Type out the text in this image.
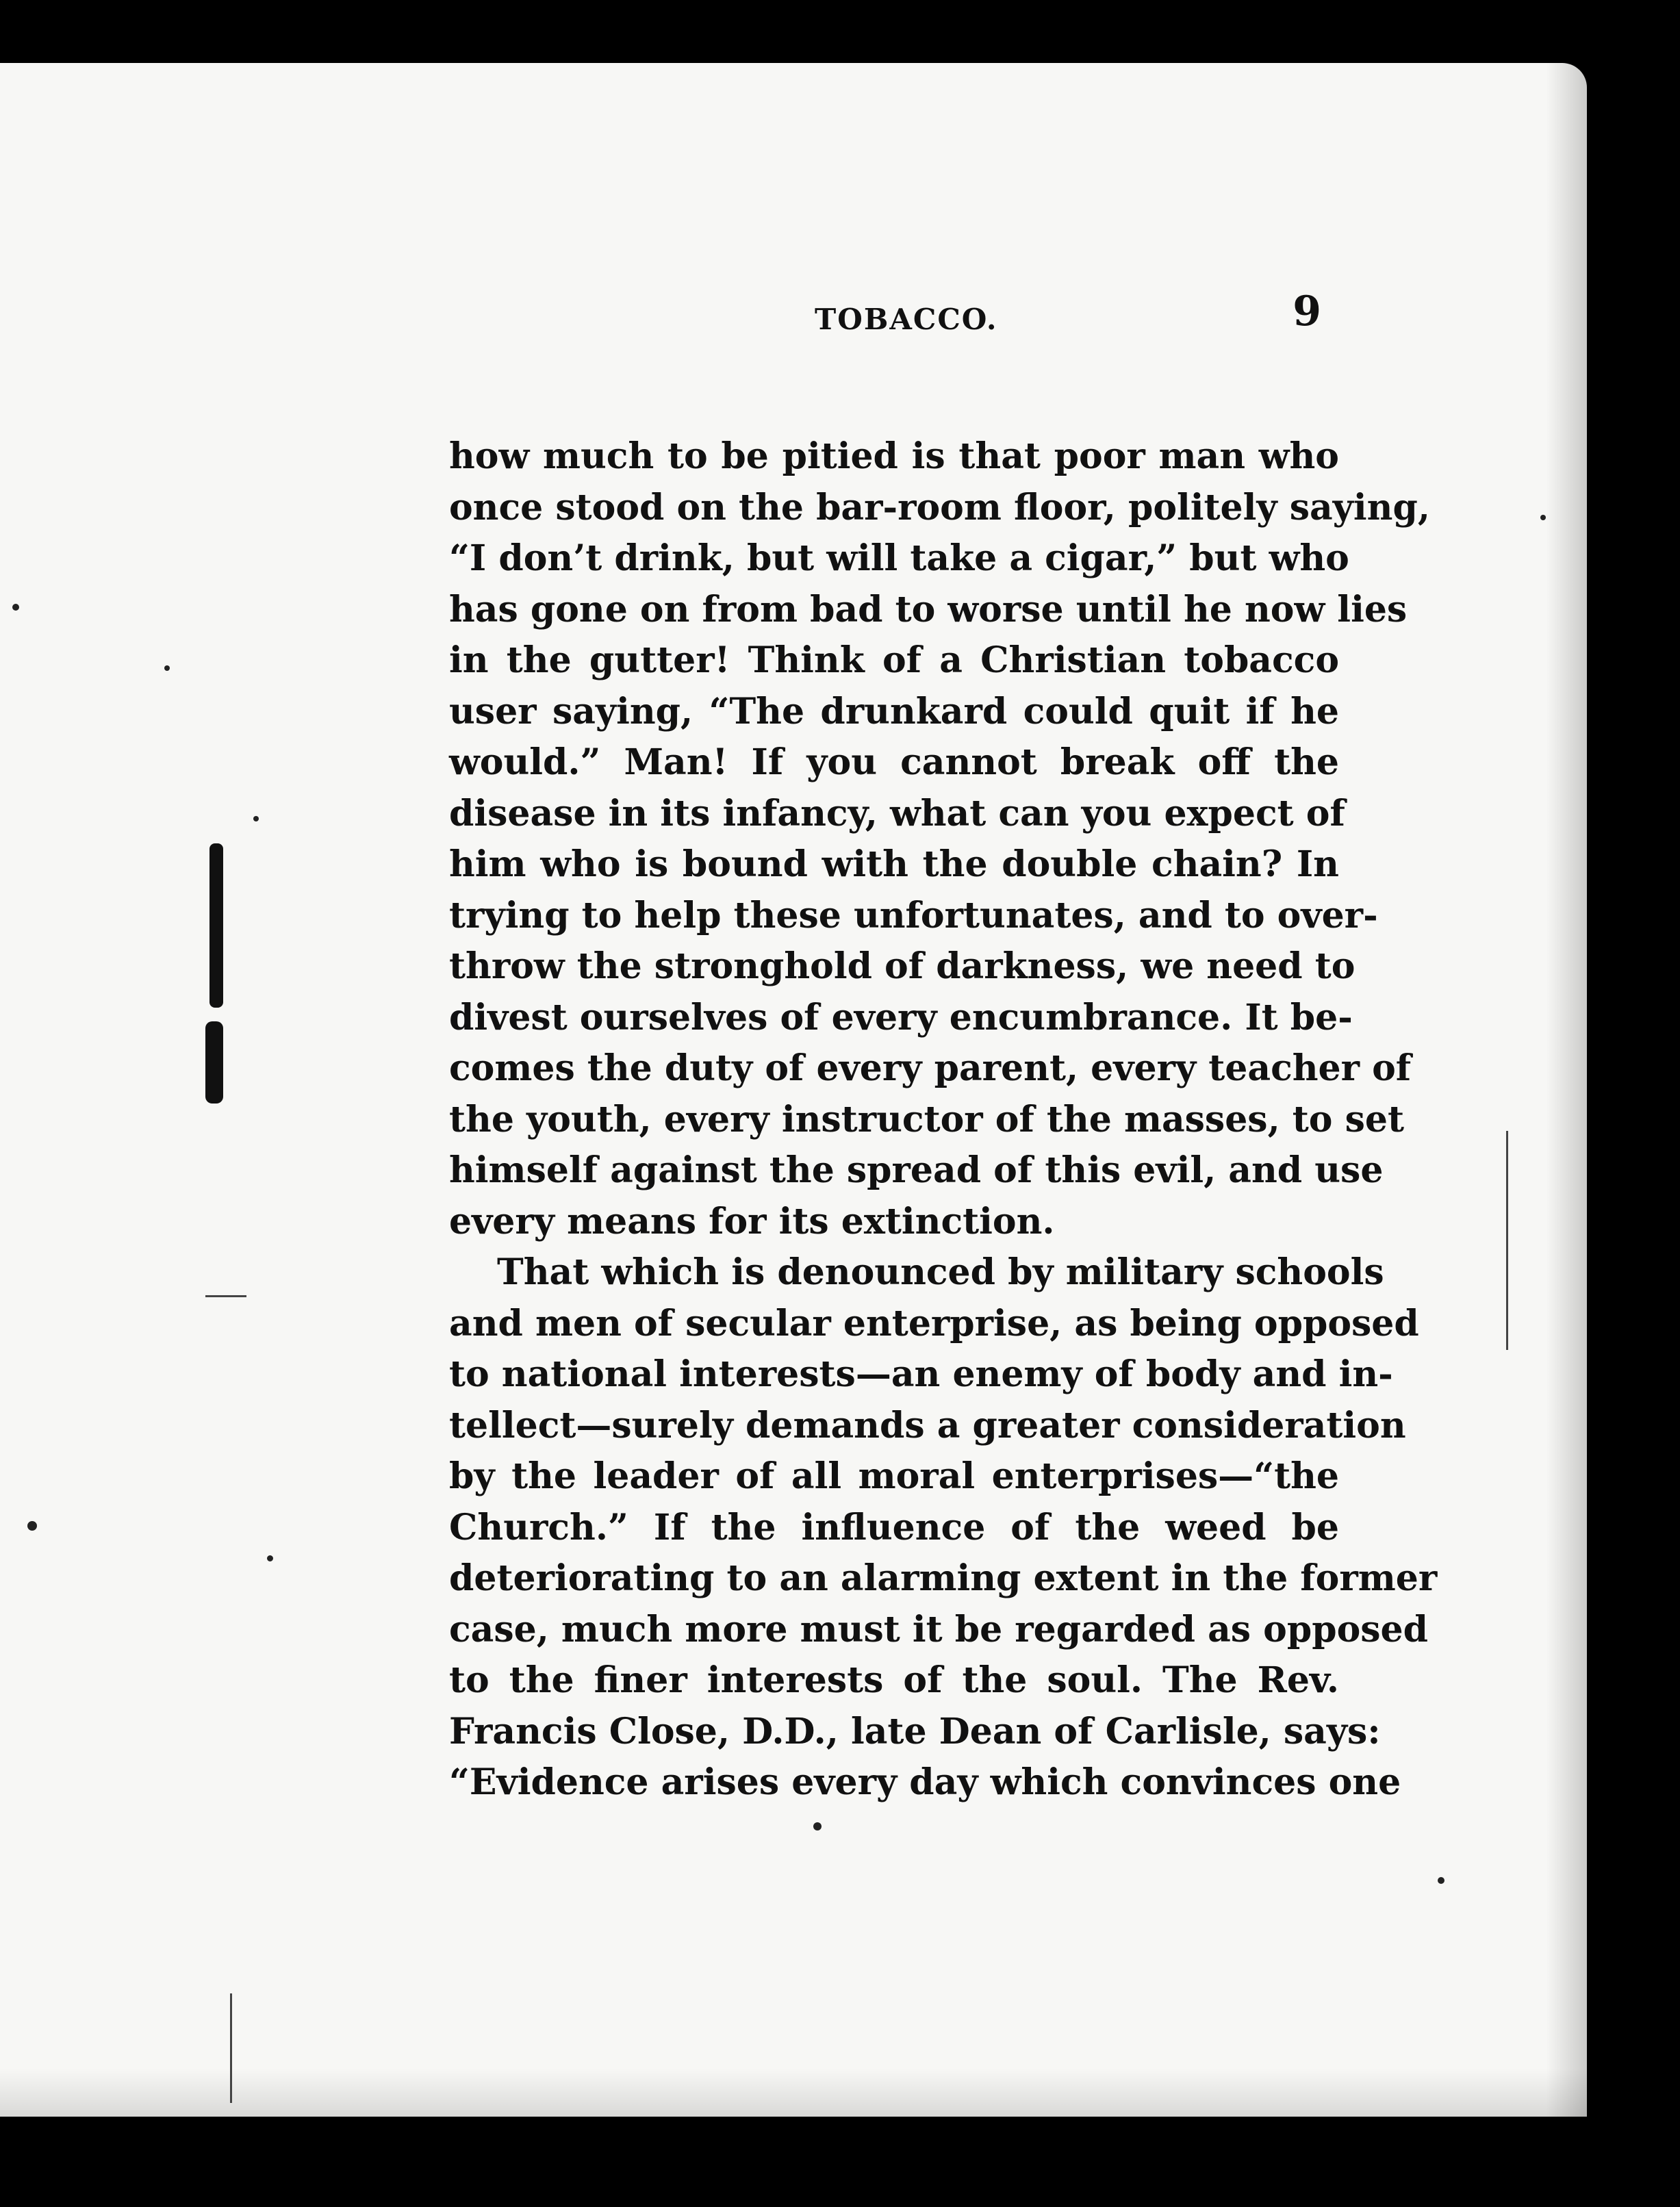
TOBACCO.	9
how much to be pitied is that poor man who
once stood on the bar-room floor, politely saying,
“I don’t drink, but will take a cigar,” but who
has gone on from bad to worse until he now lies
in the gutter! Think of a Christian tobacco
user saying, “The drunkard could quit if he
would.” Man! If you cannot break off the
disease in its infancy, what can you expect of
him who is bound with the double chain? In
trying to help these unfortunates, and to over-
throw the stronghold of darkness, we need to
divest ourselves of every encumbrance. It be-
comes the duty of every parent, every teacher of
the youth, every instructor of the masses, to set
himself against the spread of this evil, and use
every means for its extinction.
That which is denounced by military schools
and men of secular enterprise, as being opposed
to national interests—an enemy of body and in-
tellect—surely demands a greater consideration
by the leader of all moral enterprises—“the
Church.” If the influence of the weed be
deteriorating to an alarming extent in the former
case, much more must it be regarded as opposed
to the finer interests of the soul. The Rev.
Francis Close, D.D., late Dean of Carlisle, says:
“Evidence arises every day which convinces one
